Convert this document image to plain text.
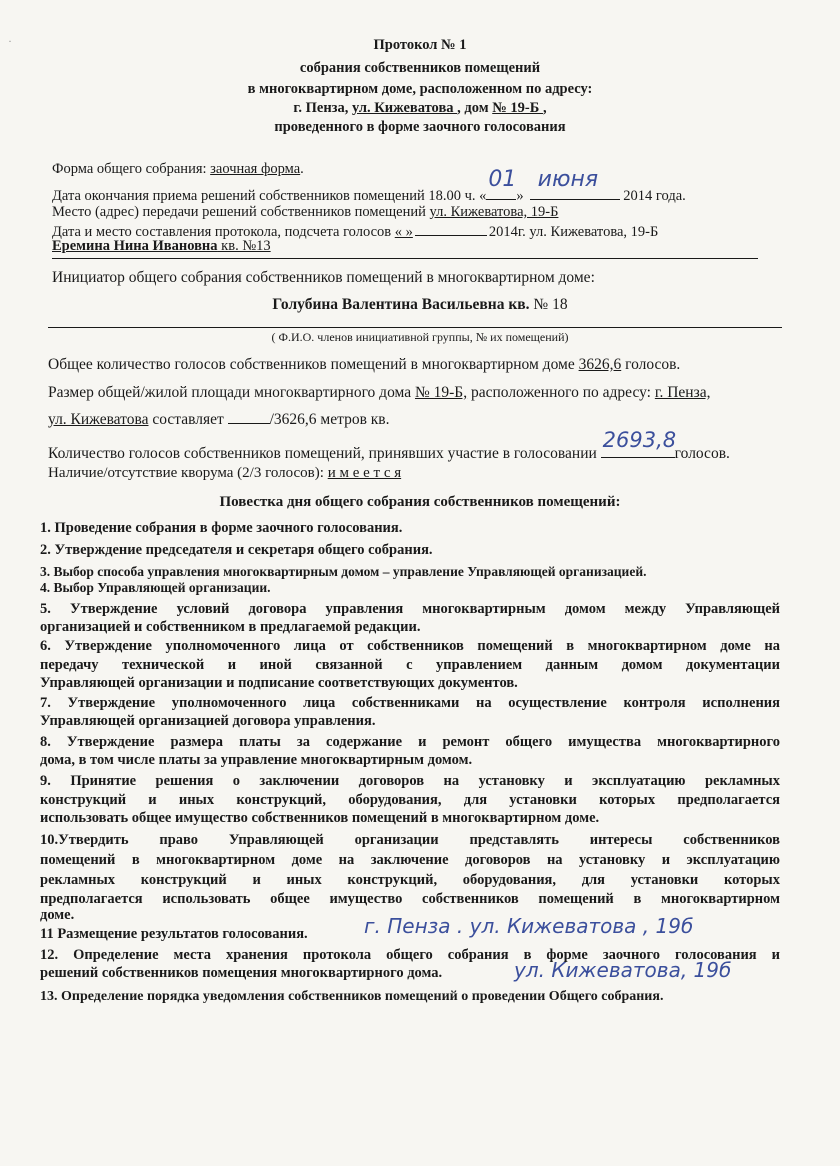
·	Протокол № 1
собрания собственников помещений
в многоквартирном доме, расположенном по адресу:
г. Пенза, ул. Кижеватова , дом № 19-Б ,
проведенного в форме заочного голосования
Форма общего собрания: заочная форма.
Дата окончания приема решений собственников помещений 18.00 ч. «
01
»
июня
2014 года.
Место (адрес) передачи решений собственников помещений ул. Кижеватова, 19-Б
Дата и место составления протокола, подсчета голосов « »	2014г. ул. Кижеватова, 19-Б
Еремина Нина Ивановна кв. №13
Инициатор общего собрания собственников помещений в многоквартирном доме:
Голубина Валентина Васильевна кв. № 18
( Ф.И.О. членов инициативной группы, № их помещений)
Общее количество голосов собственников помещений в многоквартирном доме 3626,6 голосов.
Размер общей/жилой площади многоквартирного дома № 19-Б, расположенного по адресу: г. Пенза,
ул. Кижеватова составляет	/3626,6 метров кв.
Количество голосов собственников помещений, принявших участие в голосовании
2693,8
голосов.
Наличие/отсутствие кворума (2/3 голосов): и м е е т с я
Повестка дня общего собрания собственников помещений:
1. Проведение собрания в форме заочного голосования.
2. Утверждение председателя и секретаря общего собрания.
3. Выбор способа управления многоквартирным домом – управление Управляющей организацией.
4. Выбор Управляющей организации.
5. Утверждение условий договора управления многоквартирным домом между Управляющей
организацией и собственником в предлагаемой редакции.
6. Утверждение уполномоченного лица от собственников помещений в многоквартирном доме на
передачу технической и иной связанной с управлением данным домом документации
Управляющей организации и подписание соответствующих документов.
7. Утверждение уполномоченного лица собственниками на осуществление контроля исполнения
Управляющей организацией договора управления.
8. Утверждение размера платы за содержание и ремонт общего имущества многоквартирного
дома, в том числе платы за управление многоквартирным домом.
9. Принятие решения о заключении договоров на установку и эксплуатацию рекламных
конструкций и иных конструкций, оборудования, для установки которых предполагается
использовать общее имущество собственников помещений в многоквартирном доме.
10.Утвердить право Управляющей организации представлять интересы собственников
помещений в многоквартирном доме на заключение договоров на установку и эксплуатацию
рекламных конструкций и иных конструкций, оборудования, для установки которых
предполагается использовать общее имущество собственников помещений в многоквартирном
доме.
11 Размещение результатов голосования.	г. Пенза . ул. Кижеватова , 19б
12. Определение места хранения протокола общего собрания в форме заочного голосования и
решений собственников помещения многоквартирного дома.	ул. Кижеватова, 19б
13. Определение порядка уведомления собственников помещений о проведении Общего собрания.
